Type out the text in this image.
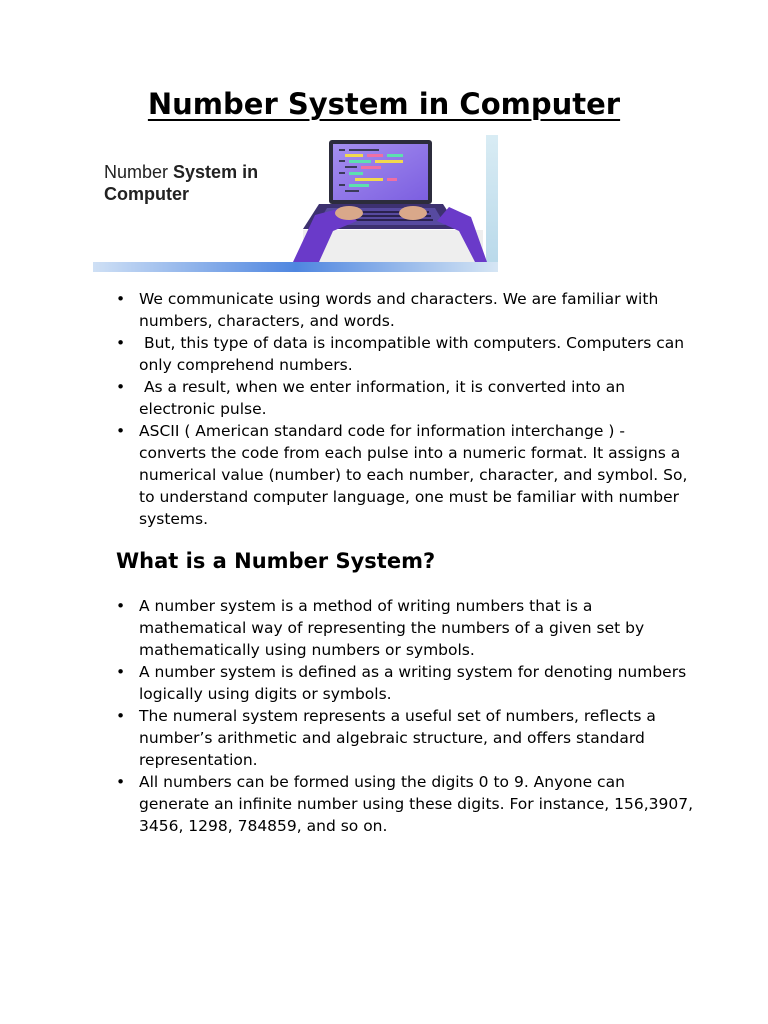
Number System in Computer
Number System in
Computer
• We communicate using words and characters. We are familiar with numbers, characters, and words.
•  But, this type of data is incompatible with computers. Computers can only comprehend numbers.
•  As a result, when we enter information, it is converted into an electronic pulse.
• ASCII ( American standard code for information interchange ) - converts the code from each pulse into a numeric format. It assigns a numerical value (number) to each number, character, and symbol. So, to understand computer language, one must be familiar with number systems.
What is a Number System?
• A number system is a method of writing numbers that is a mathematical way of representing the numbers of a given set by mathematically using numbers or symbols.
• A number system is defined as a writing system for denoting numbers logically using digits or symbols.
• The numeral system represents a useful set of numbers, reflects a number’s arithmetic and algebraic structure, and offers standard representation.
• All numbers can be formed using the digits 0 to 9. Anyone can generate an infinite number using these digits. For instance, 156,3907, 3456, 1298, 784859, and so on.
